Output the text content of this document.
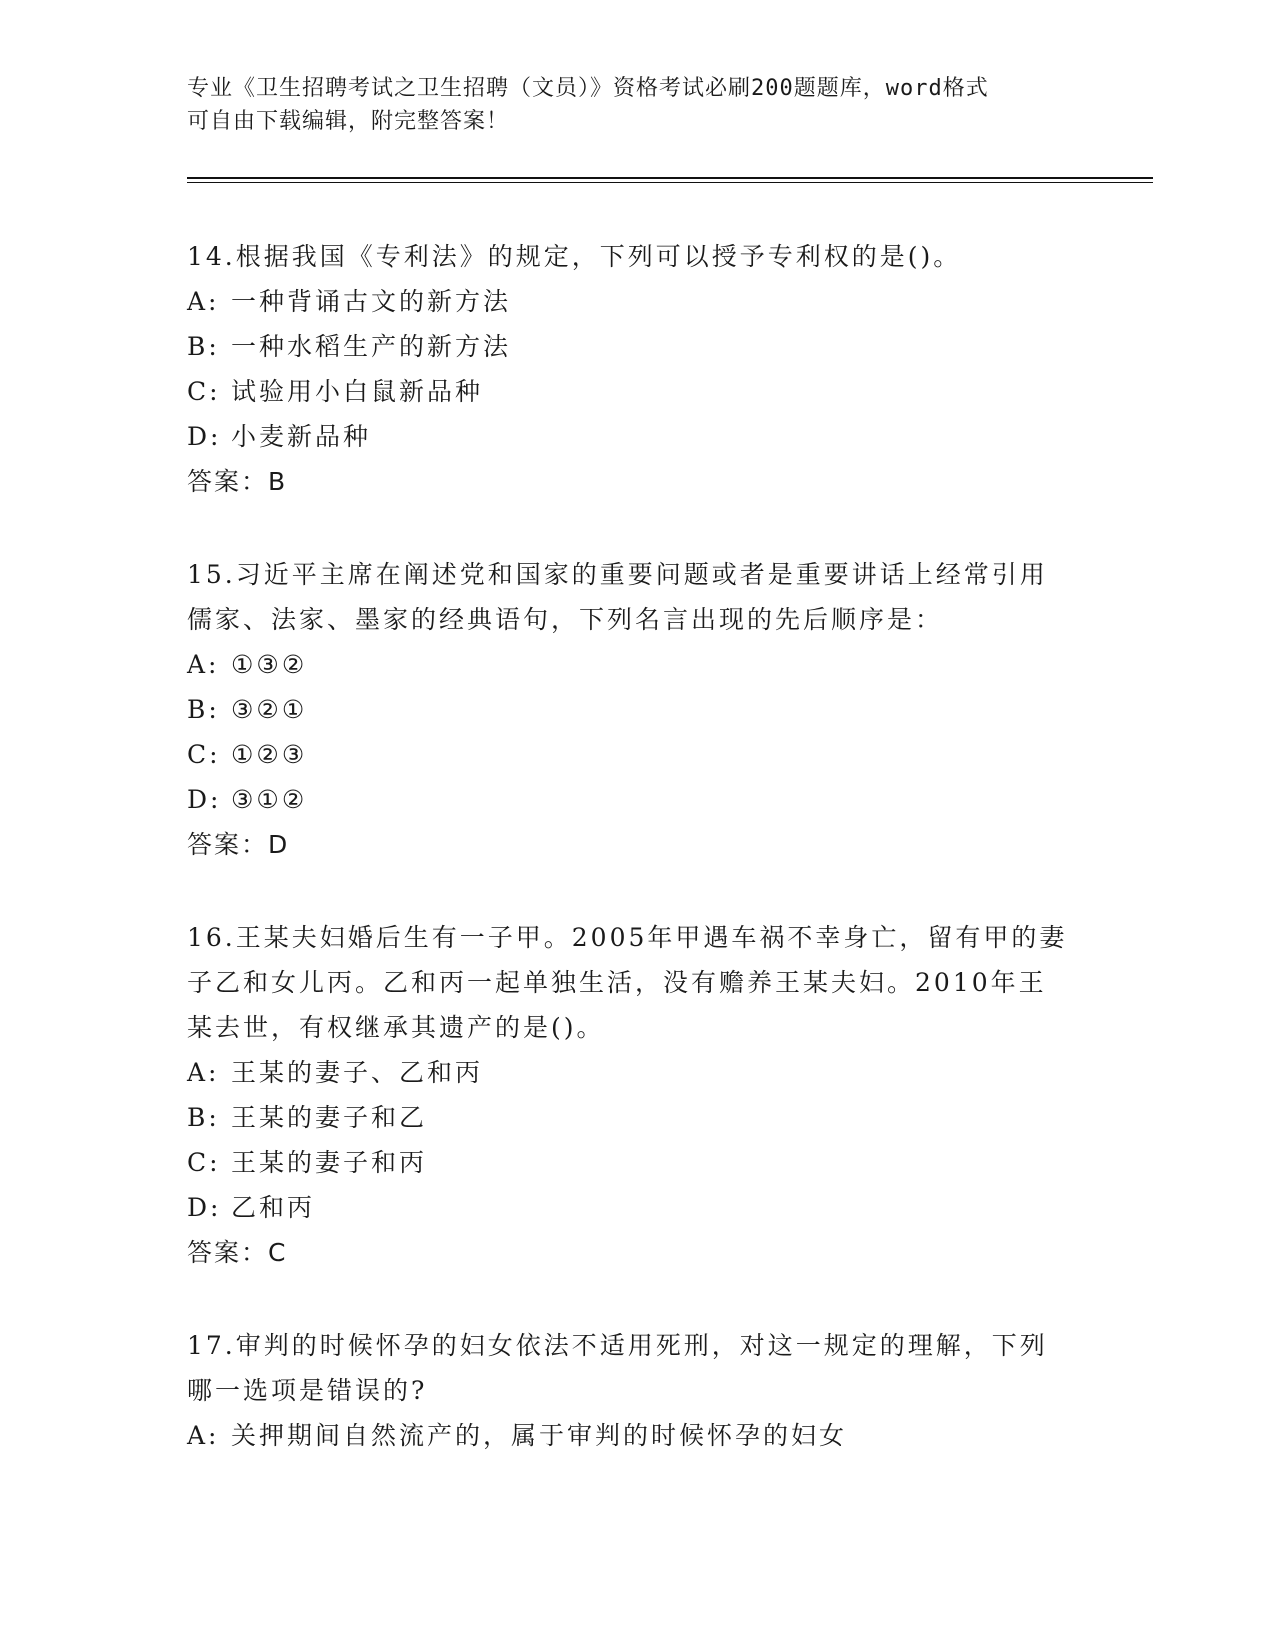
专业《卫生招聘考试之卫生招聘（文员）》资格考试必刷200题题库，word格式
可自由下载编辑，附完整答案！

14.根据我国《专利法》的规定，下列可以授予专利权的是()。

A: 一种背诵古文的新方法

B: 一种水稻生产的新方法

C: 试验用小白鼠新品种

D: 小麦新品种

答案：B

15.习近平主席在阐述党和国家的重要问题或者是重要讲话上经常引用

儒家、法家、墨家的经典语句，下列名言出现的先后顺序是：

A: ①③②

B: ③②①

C: ①②③

D: ③①②

答案：D

16.王某夫妇婚后生有一子甲。2005年甲遇车祸不幸身亡，留有甲的妻

子乙和女儿丙。乙和丙一起单独生活，没有赡养王某夫妇。2010年王

某去世，有权继承其遗产的是()。

A: 王某的妻子、乙和丙

B: 王某的妻子和乙

C: 王某的妻子和丙

D: 乙和丙

答案：C

17.审判的时候怀孕的妇女依法不适用死刑，对这一规定的理解，下列

哪一选项是错误的?

A: 关押期间自然流产的，属于审判的时候怀孕的妇女
